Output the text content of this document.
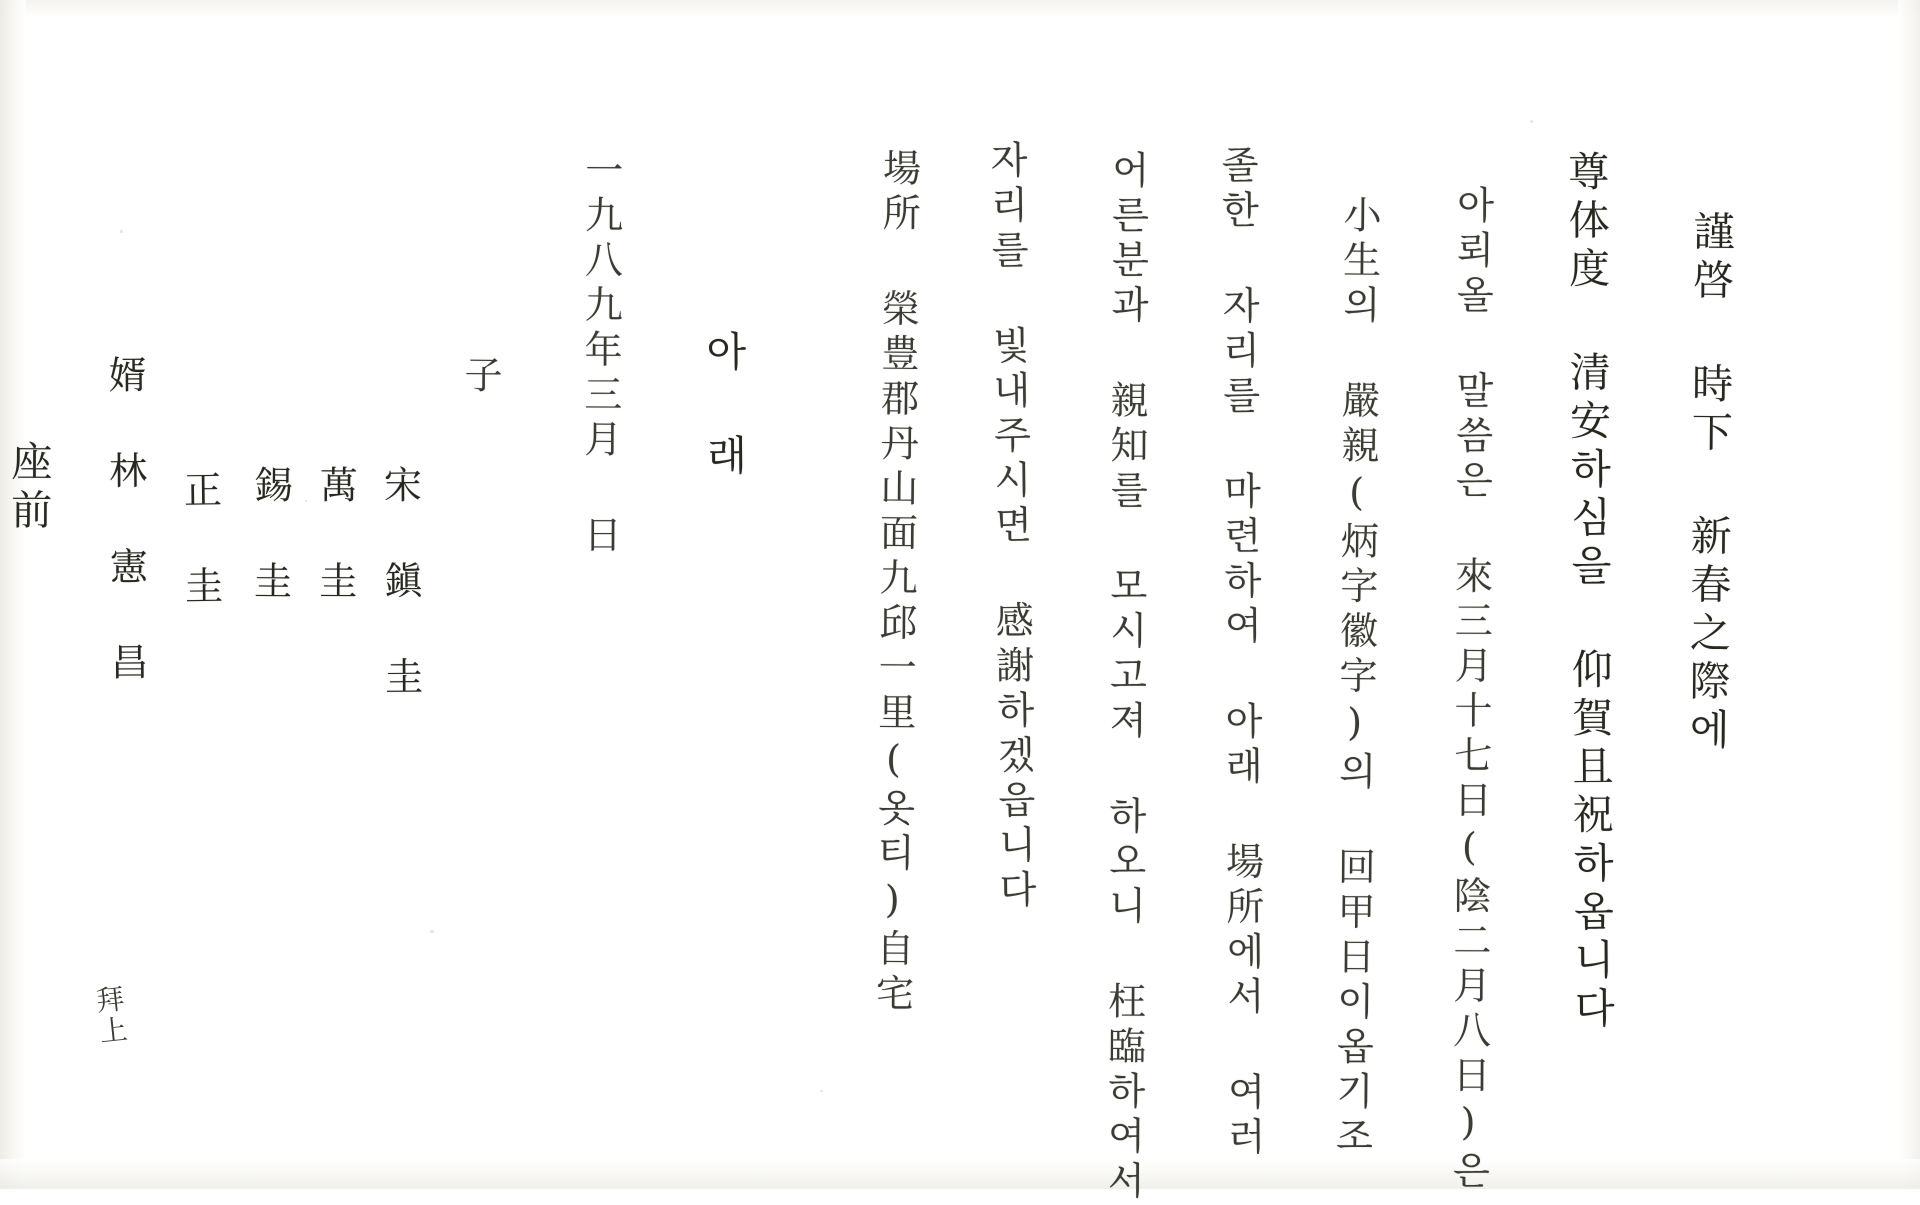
謹啓 時下 新春之際에
尊体度 清安하심을 仰賀且祝하옵니다
아뢰올 말씀은 來三月十七日(陰二月八日)은
小生의 嚴親(炳字徽字)의 回甲日이옵기조
졸한 자리를 마련하여 아래 場所에서 여러
어른분과 親知를 모시고져 하오니 枉臨하여서
자리를 빛내주시면 感謝하겠읍니다
場所 榮豊郡丹山面九邱一里(옷티)自宅
아 래
一九八九年三月 日
子
宋 鎭 圭
萬 圭
錫 圭
正 圭
婿 林 憲 昌
拜上
座前
